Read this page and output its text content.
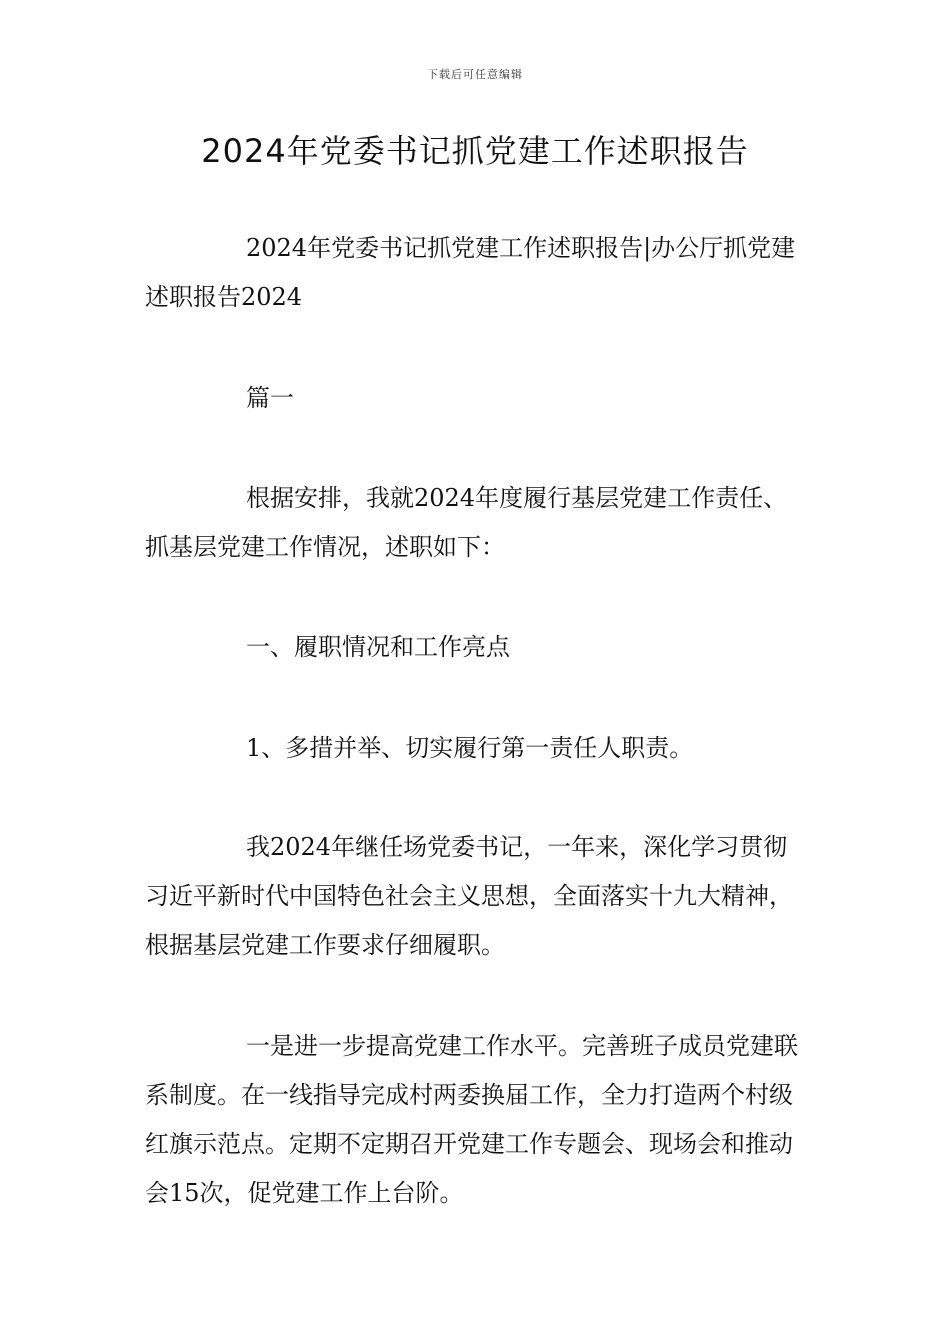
下载后可任意编辑
2024年党委书记抓党建工作述职报告

2024年党委书记抓党建工作述职报告|办公厅抓党建述职报告2024

篇一

根据安排，我就2024年度履行基层党建工作责任、抓基层党建工作情况，述职如下：

一、履职情况和工作亮点

1、多措并举、切实履行第一责任人职责。

我2024年继任场党委书记，一年来，深化学习贯彻习近平新时代中国特色社会主义思想，全面落实十九大精神，根据基层党建工作要求仔细履职。

一是进一步提高党建工作水平。完善班子成员党建联系制度。在一线指导完成村两委换届工作，全力打造两个村级红旗示范点。定期不定期召开党建工作专题会、现场会和推动会15次，促党建工作上台阶。
